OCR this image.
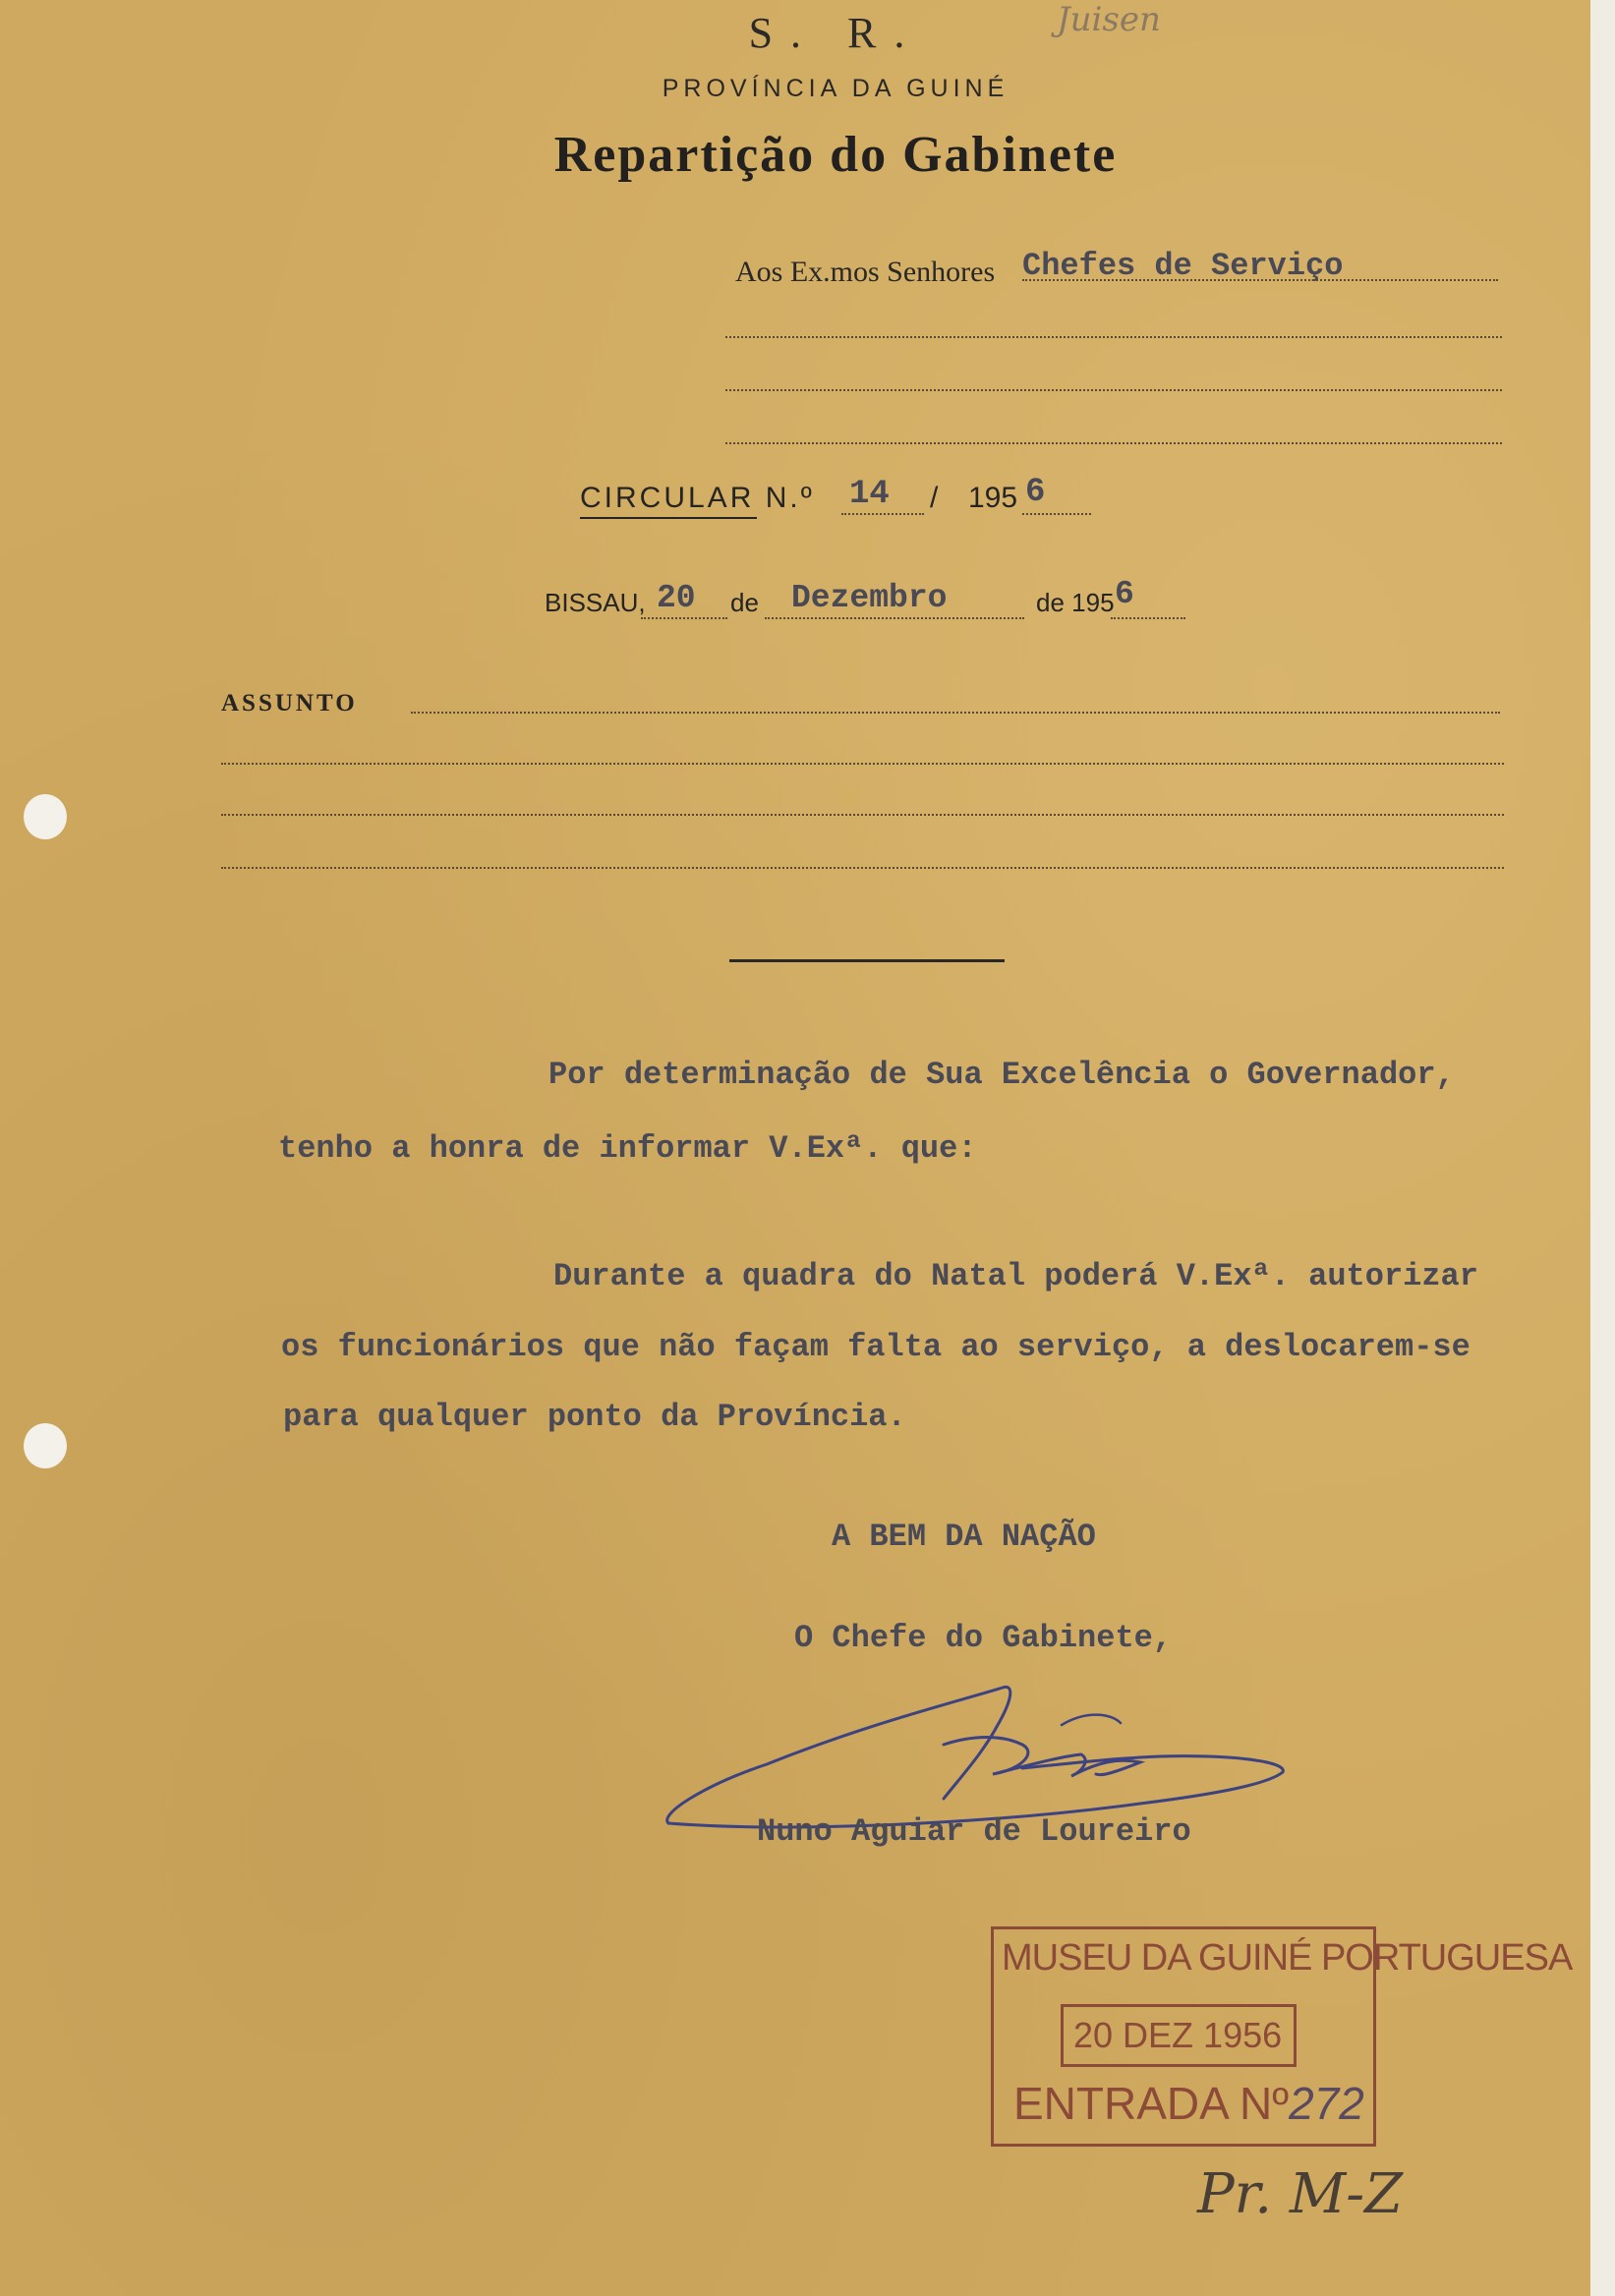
Juisen
S. R.
PROVÍNCIA DA GUINÉ
Repartição do Gabinete
Aos Ex.mos Senhores Chefes de Serviço
CIRCULAR N.º 14 / 195 6
BISSAU, 20 de Dezembro	de 195 6
ASSUNTO
Por determinação de Sua Excelência o Governador,
tenho a honra de informar V.Exª. que:
Durante a quadra do Natal poderá V.Exª. autorizar
os funcionários que não façam falta ao serviço, a deslocarem-se
para qualquer ponto da Província.
A BEM DA NAÇÃO
O Chefe do Gabinete,
Nuno Aguiar de Loureiro
MUSEU DA GUINÉ PORTUGUESA
20 DEZ 1956
ENTRADA Nº272
Pr. M-Z
